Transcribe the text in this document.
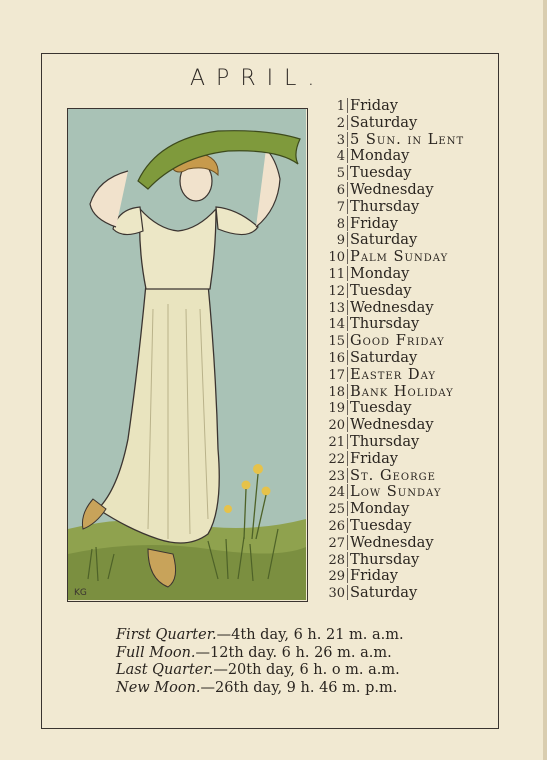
APRIL.
KG
1 Friday
2 Saturday
3 5 Sun. in Lent
4 Monday
5 Tuesday
6 Wednesday
7 Thursday
8 Friday
9 Saturday
10 Palm Sunday
11 Monday
12 Tuesday
13 Wednesday
14 Thursday
15 Good Friday
16 Saturday
17 Easter Day
18 Bank Holiday
19 Tuesday
20 Wednesday
21 Thursday
22 Friday
23 St. George
24 Low Sunday
25 Monday
26 Tuesday
27 Wednesday
28 Thursday
29 Friday
30 Saturday
First Quarter.—4th day, 6 h. 21 m. a.m.
Full Moon.—12th day. 6 h. 26 m. a.m.
Last Quarter.—20th day, 6 h. o m. a.m.
New Moon.—26th day, 9 h. 46 m. p.m.
